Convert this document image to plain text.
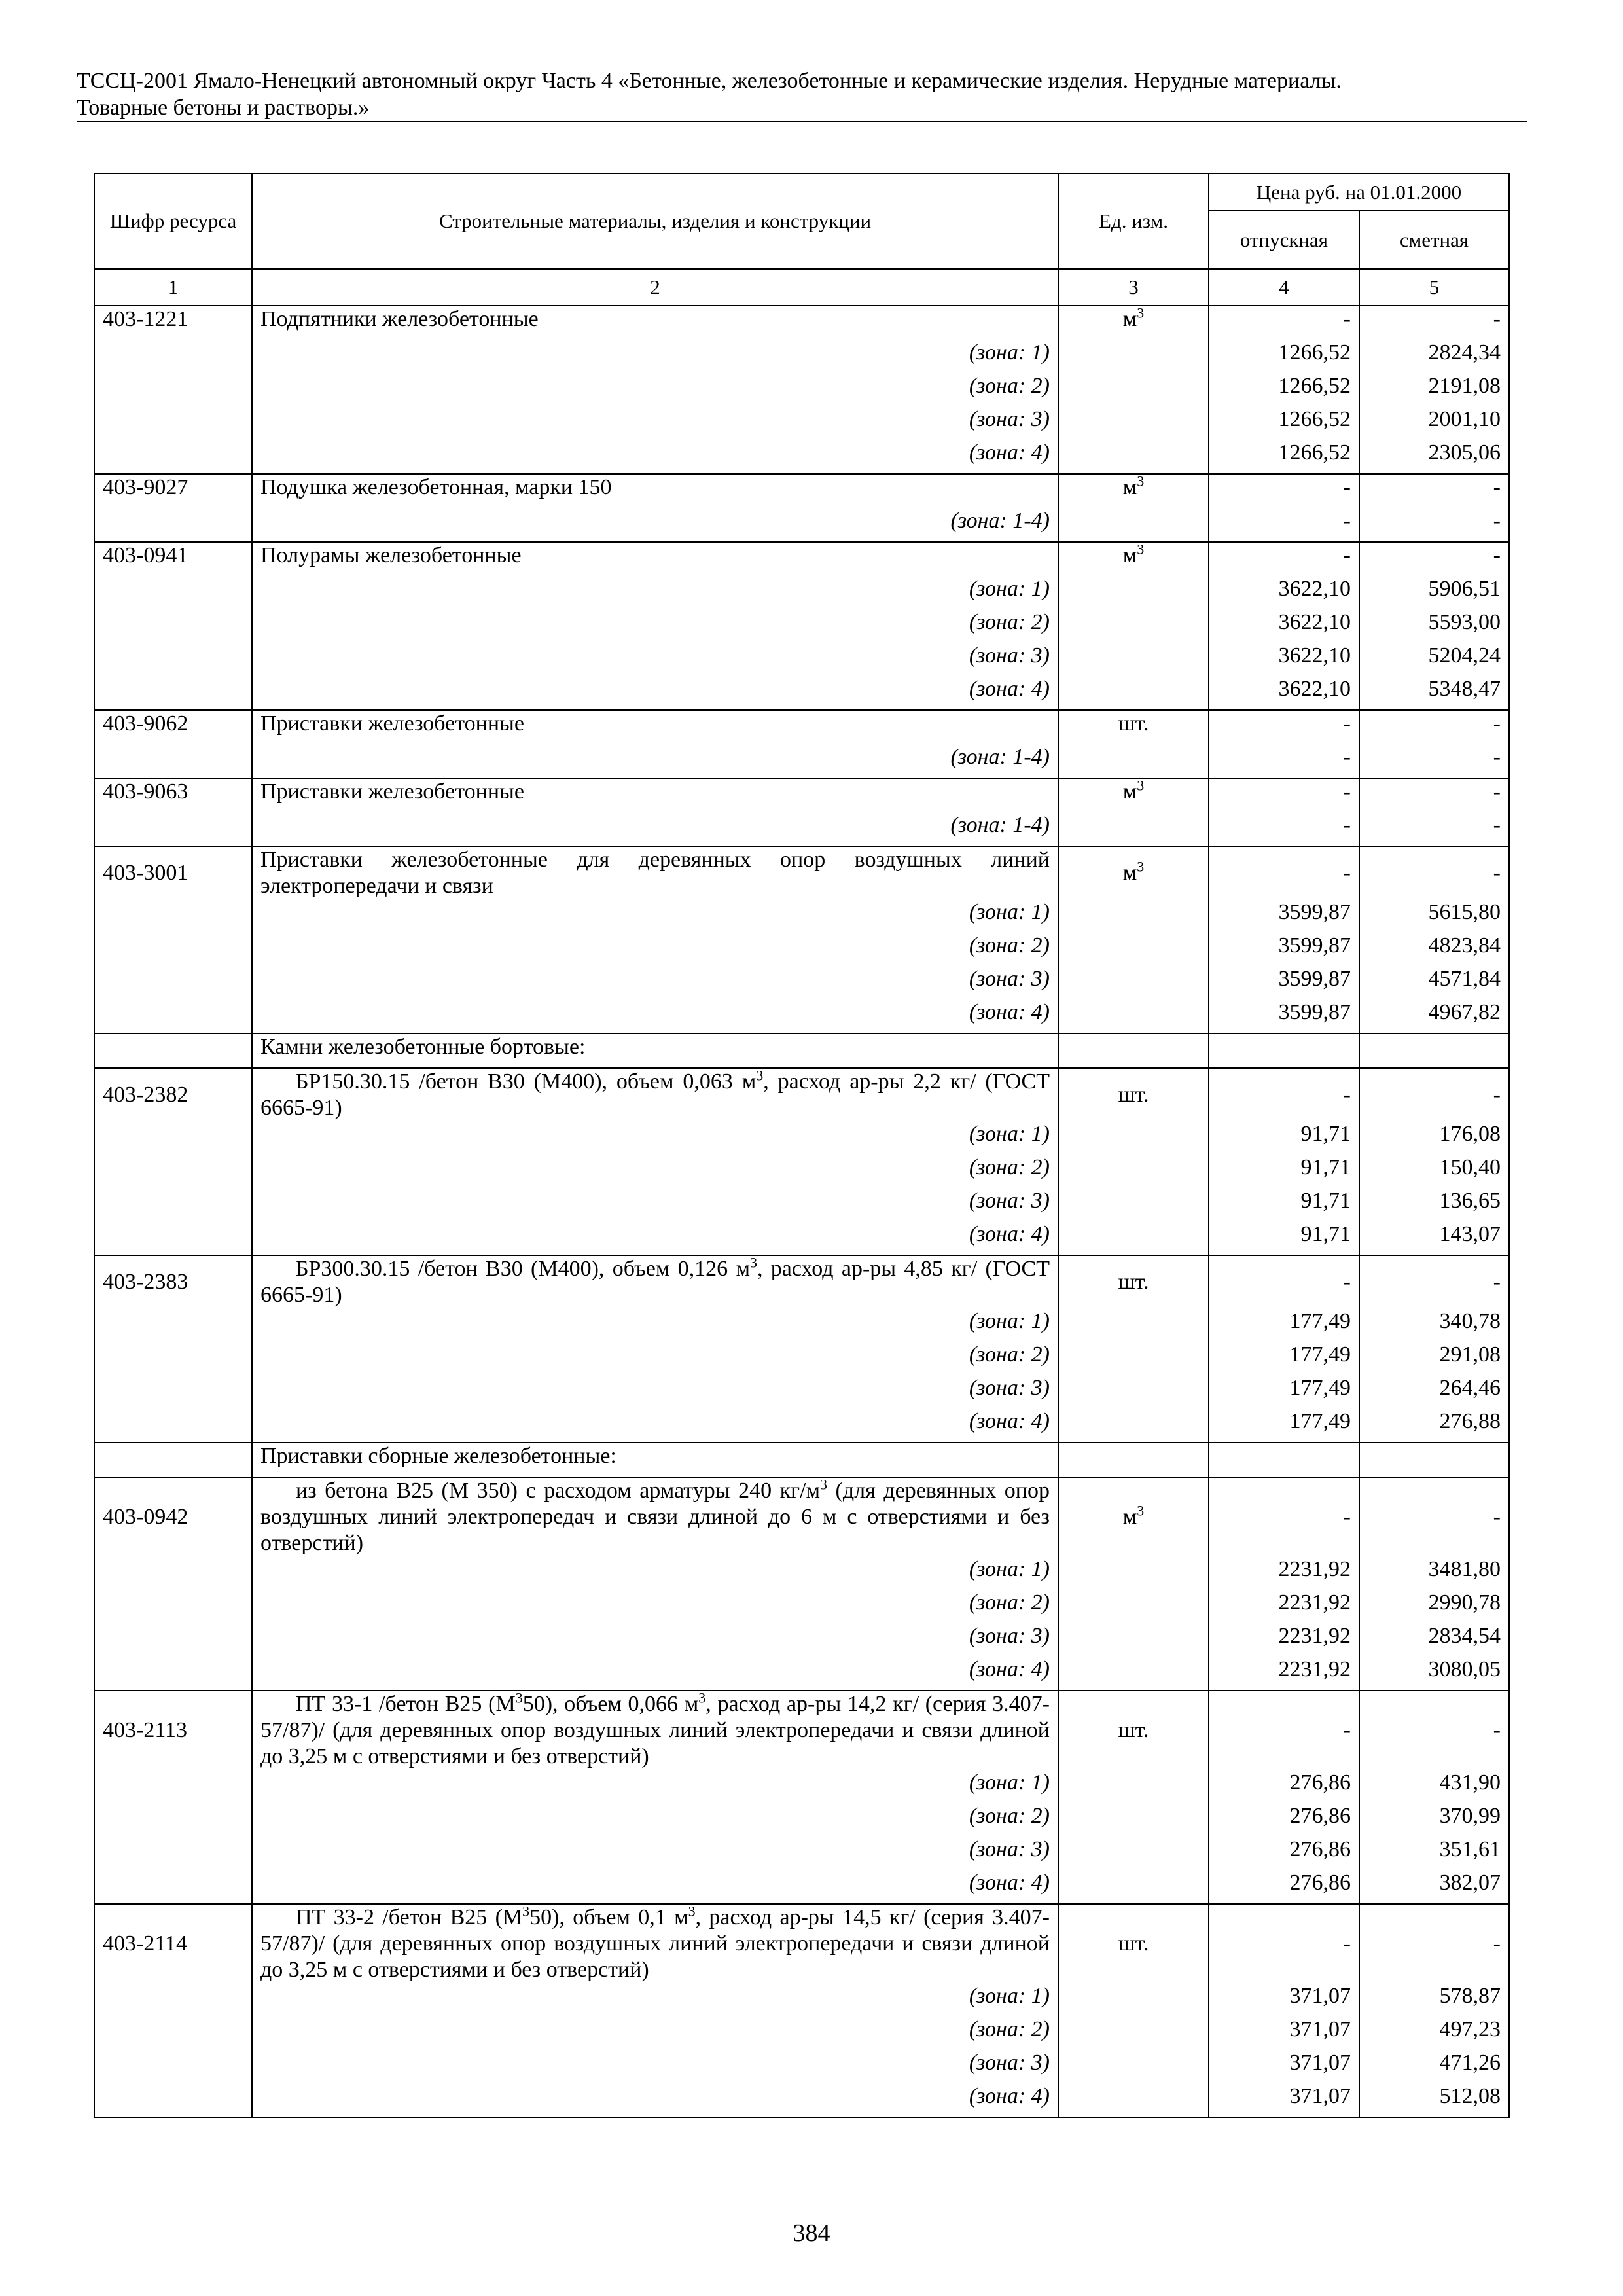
ТССЦ-2001 Ямало-Ненецкий автономный округ Часть 4 «Бетонные, железобетонные и керамические изделия. Нерудные материалы.
Товарные бетоны и растворы.»
Шифр ресурса	Строительные материалы, изделия и конструкции	Ед. изм.	Цена руб. на 01.01.2000	
			отпускная	сметная
1	2	3	4	5
403-1221	Подпятники железобетонные	$м^3$	-	-
	(зона: 1)		1266,52	2824,34
	(зона: 2)		1266,52	2191,08
	(зона: 3)		1266,52	2001,10
	(зона: 4)		1266,52	2305,06
403-9027	Подушка железобетонная, марки 150	$м^3$	-	-
	(зона: 1-4)		-	-
403-0941	Полурамы железобетонные	$м^3$	-	-
	(зона: 1)		3622,10	5906,51
	(зона: 2)		3622,10	5593,00
	(зона: 3)		3622,10	5204,24
	(зона: 4)		3622,10	5348,47
403-9062	Приставки железобетонные	шт.	-	-
	(зона: 1-4)		-	-
403-9063	Приставки железобетонные	$м^3$	-	-
	(зона: 1-4)		-	-
403-3001	Приставки железобетонные для деревянных опор воздушных линий электропередачи и связи	$м^3$	-	-
	(зона: 1)		3599,87	5615,80
	(зона: 2)		3599,87	4823,84
	(зона: 3)		3599,87	4571,84
	(зона: 4)		3599,87	4967,82
	Камни железобетонные бортовые:			
403-2382	БР150.30.15 /бетон В30 (М400), объем 0,063 $м^3$, расход ар-ры 2,2 кг/ (ГОСТ 6665-91)	шт.	-	-
	(зона: 1)		91,71	176,08
	(зона: 2)		91,71	150,40
	(зона: 3)		91,71	136,65
	(зона: 4)		91,71	143,07
403-2383	БР300.30.15 /бетон В30 (М400), объем 0,126 $м^3$, расход ар-ры 4,85 кг/ (ГОСТ 6665-91)	шт.	-	-
	(зона: 1)		177,49	340,78
	(зона: 2)		177,49	291,08
	(зона: 3)		177,49	264,46
	(зона: 4)		177,49	276,88
	Приставки сборные железобетонные:			
403-0942	из бетона В25 (М 350) с расходом арматуры 240 $кг/м^3$ (для деревянных опор воздушных линий электропередач и связи длиной до 6 м с отверстиями и без отверстий)	$м^3$	-	-
	(зона: 1)		2231,92	3481,80
	(зона: 2)		2231,92	2990,78
	(зона: 3)		2231,92	2834,54
	(зона: 4)		2231,92	3080,05
403-2113	ПТ 33-1 /бетон В25 $(М^350)$, объем 0,066 $м^3$, расход ар-ры 14,2 кг/ (серия 3.407-57/87)/ (для деревянных опор воздушных линий электропередачи и связи длиной до 3,25 м с отверстиями и без отверстий)	шт.	-	-
	(зона: 1)		276,86	431,90
	(зона: 2)		276,86	370,99
	(зона: 3)		276,86	351,61
	(зона: 4)		276,86	382,07
403-2114	ПТ 33-2 /бетон В25 $(М^350)$, объем 0,1 $м^3$, расход ар-ры 14,5 кг/ (серия 3.407-57/87)/ (для деревянных опор воздушных линий электропередачи и связи длиной до 3,25 м с отверстиями и без отверстий)	шт.	-	-
	(зона: 1)		371,07	578,87
	(зона: 2)		371,07	497,23
	(зона: 3)		371,07	471,26
	(зона: 4)		371,07	512,08
384
